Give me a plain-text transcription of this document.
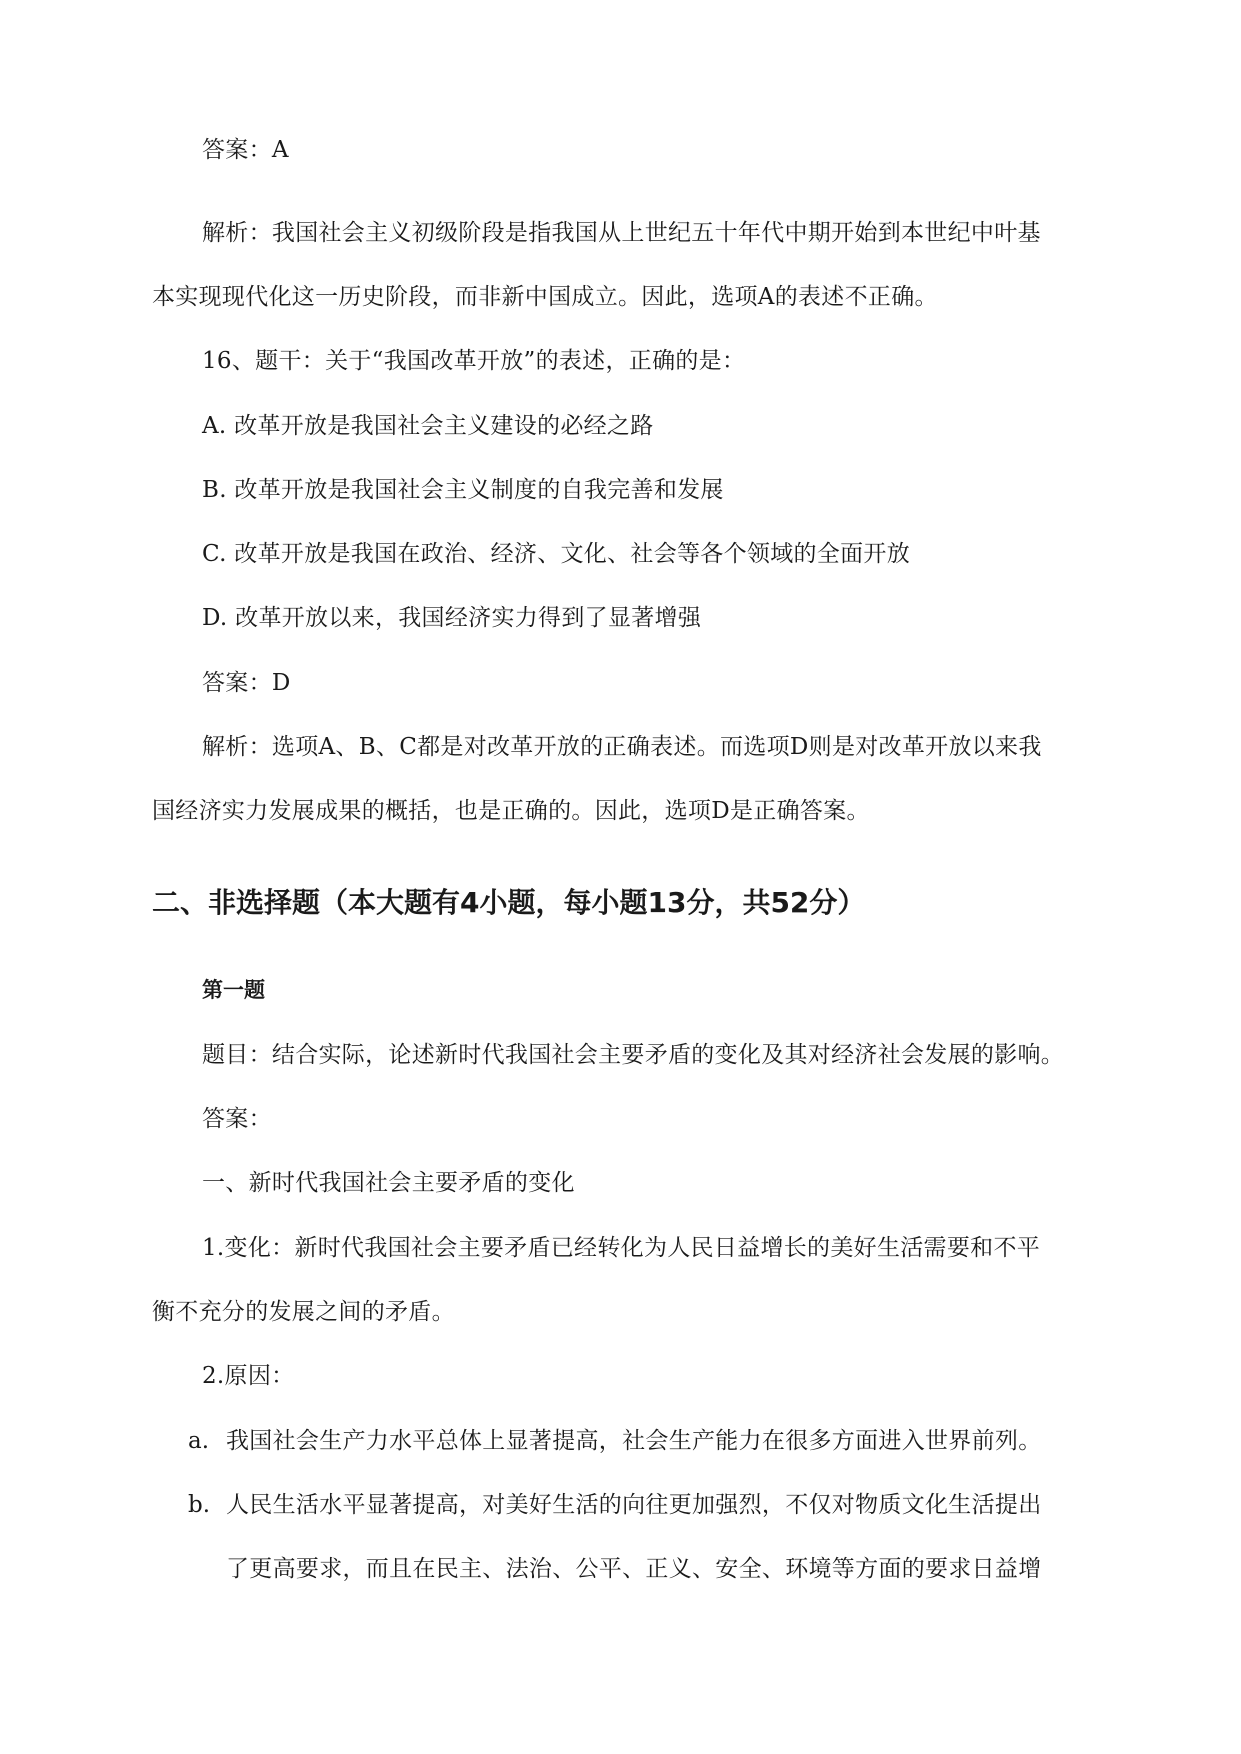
答案：A
解析：我国社会主义初级阶段是指我国从上世纪五十年代中期开始到本世纪中叶基
本实现现代化这一历史阶段，而非新中国成立。因此，选项A的表述不正确。
16、题干：关于“我国改革开放”的表述，正确的是：
A. 改革开放是我国社会主义建设的必经之路
B. 改革开放是我国社会主义制度的自我完善和发展
C. 改革开放是我国在政治、经济、文化、社会等各个领域的全面开放
D. 改革开放以来，我国经济实力得到了显著增强
答案：D
解析：选项A、B、C都是对改革开放的正确表述。而选项D则是对改革开放以来我
国经济实力发展成果的概括，也是正确的。因此，选项D是正确答案。
二、非选择题（本大题有4小题，每小题13分，共52分）
第一题
题目：结合实际，论述新时代我国社会主要矛盾的变化及其对经济社会发展的影响。
答案：
一、新时代我国社会主要矛盾的变化
1.变化：新时代我国社会主要矛盾已经转化为人民日益增长的美好生活需要和不平
衡不充分的发展之间的矛盾。
2.原因：
a. 我国社会生产力水平总体上显著提高，社会生产能力在很多方面进入世界前列。
b. 人民生活水平显著提高，对美好生活的向往更加强烈，不仅对物质文化生活提出
了更高要求，而且在民主、法治、公平、正义、安全、环境等方面的要求日益增
